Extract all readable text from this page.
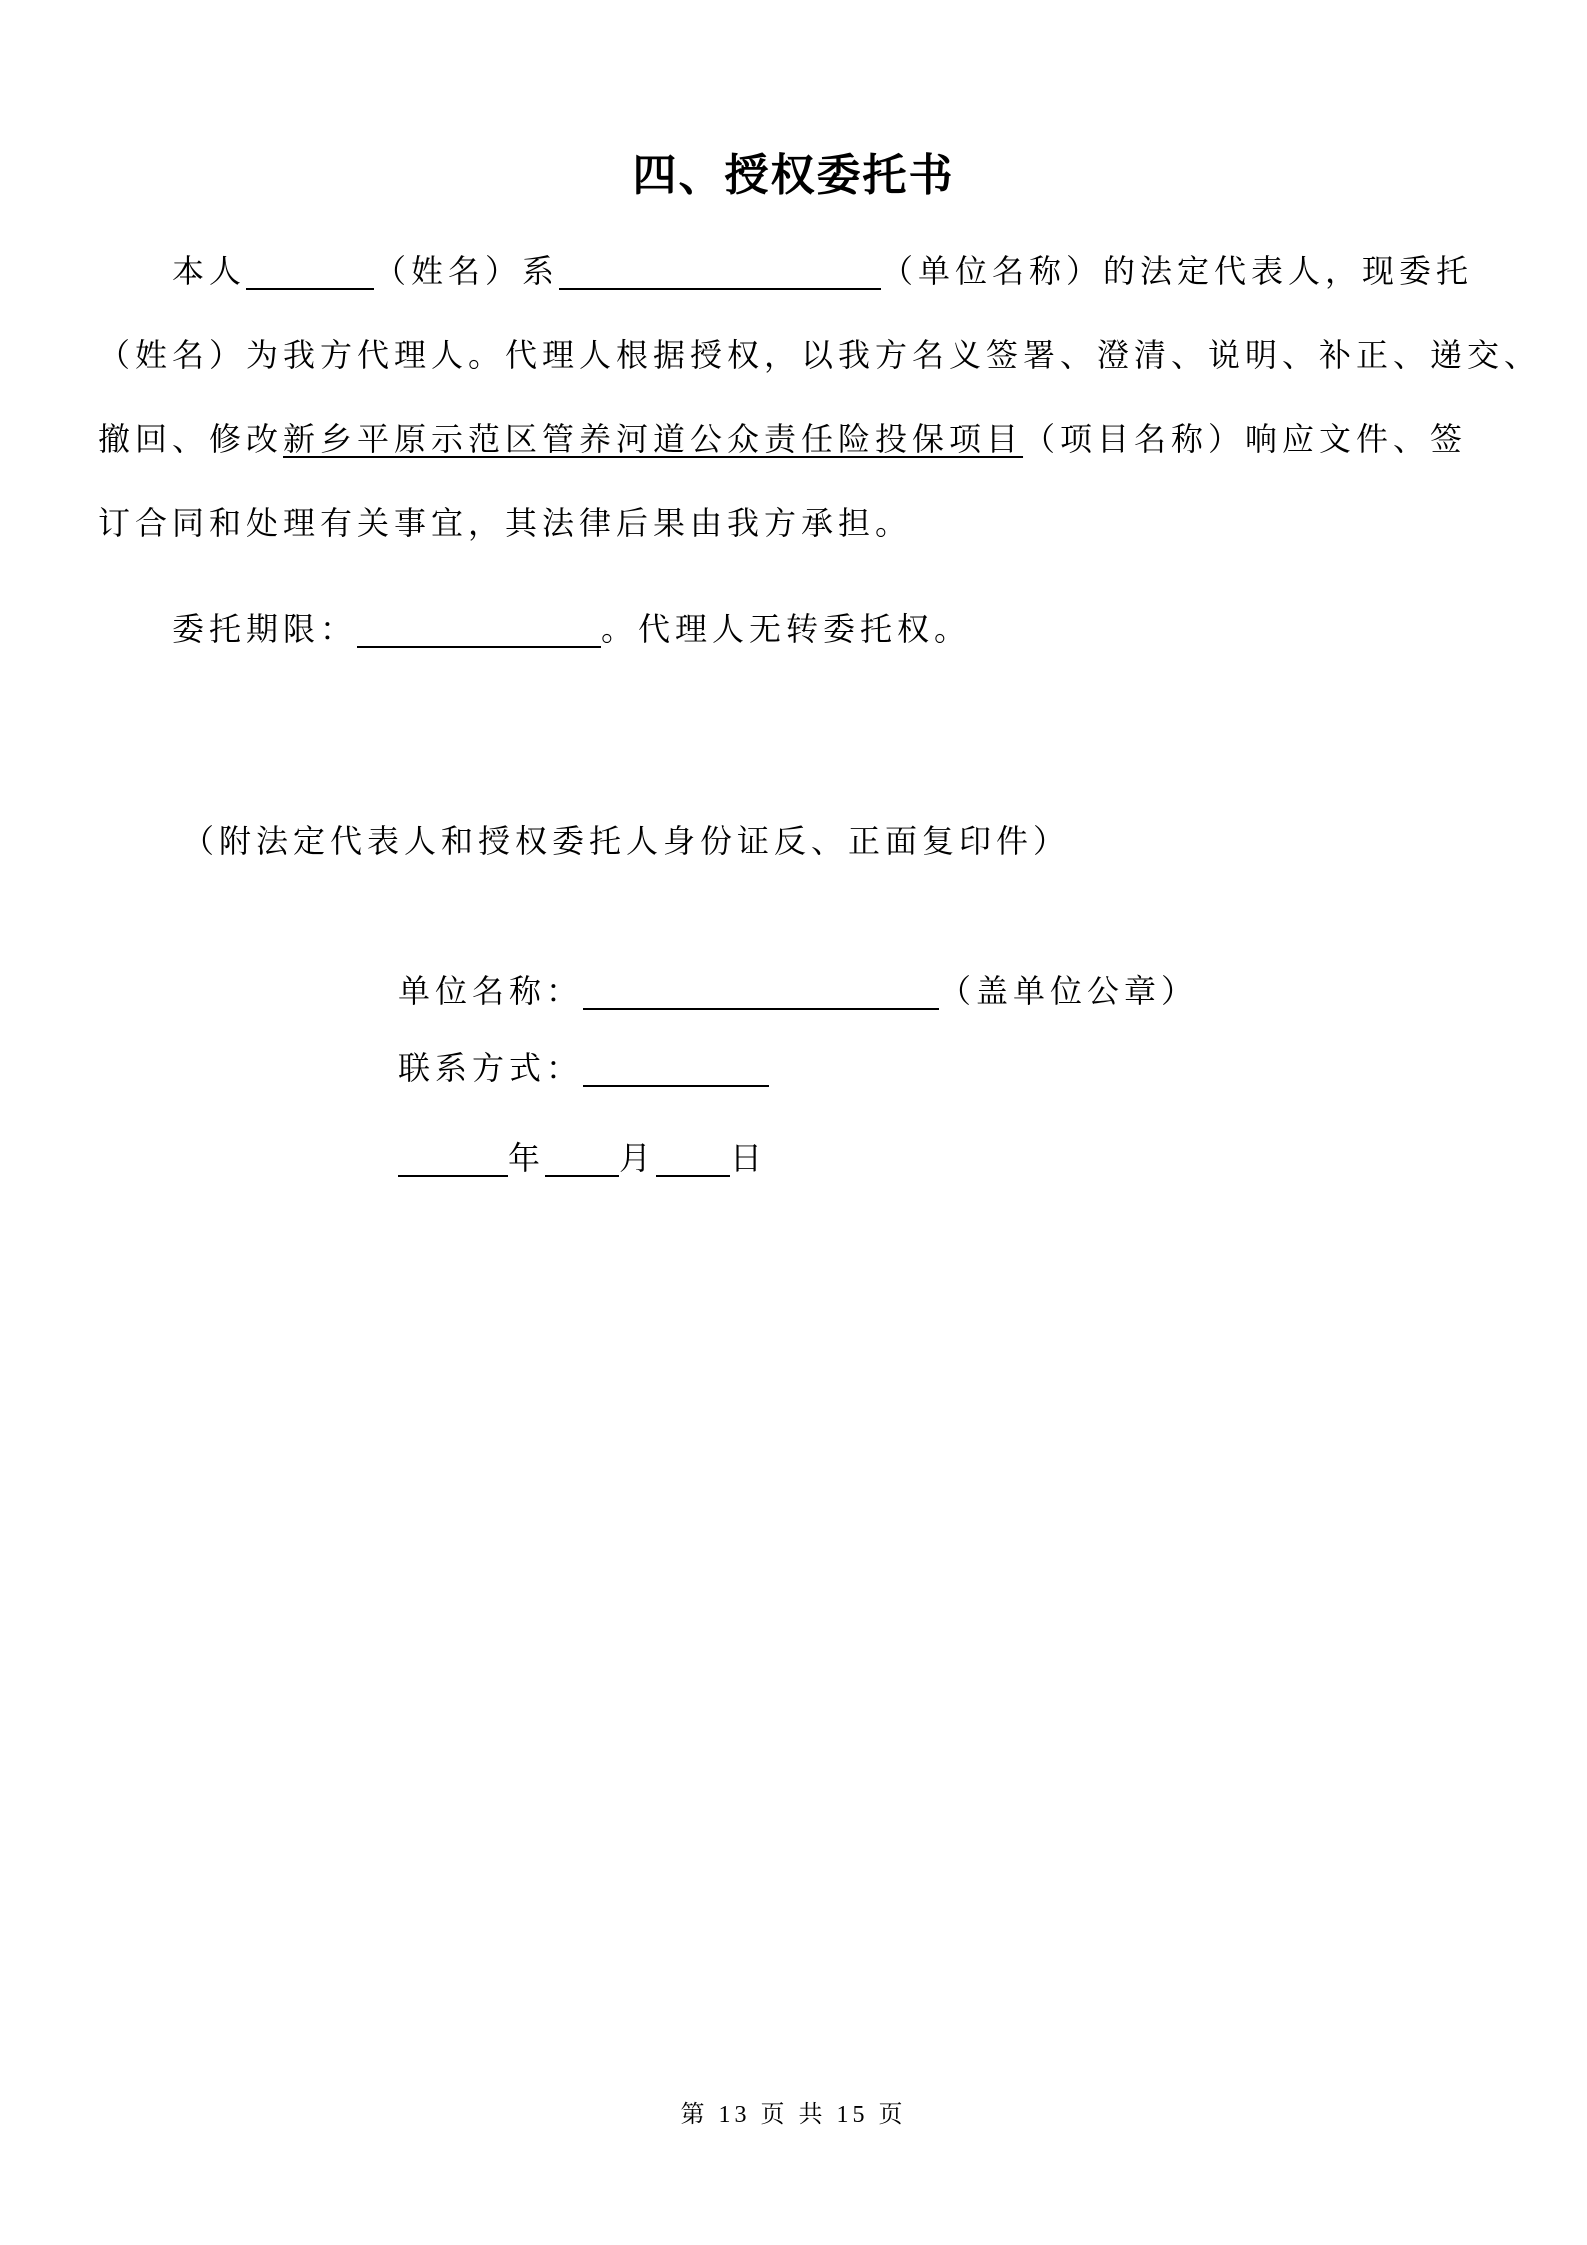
四、授权委托书
本人	（姓名）系	（单位名称）的法定代表人，现委托
（姓名）为我方代理人。代理人根据授权，以我方名义签署、澄清、说明、补正、递交、
撤回、修改新乡平原示范区管养河道公众责任险投保项目（项目名称）响应文件、签
订合同和处理有关事宜，其法律后果由我方承担。
委托期限：	。代理人无转委托权。
（附法定代表人和授权委托人身份证反、正面复印件）
单位名称：	（盖单位公章）
联系方式：
年 月 日
第 13 页 共 15 页
